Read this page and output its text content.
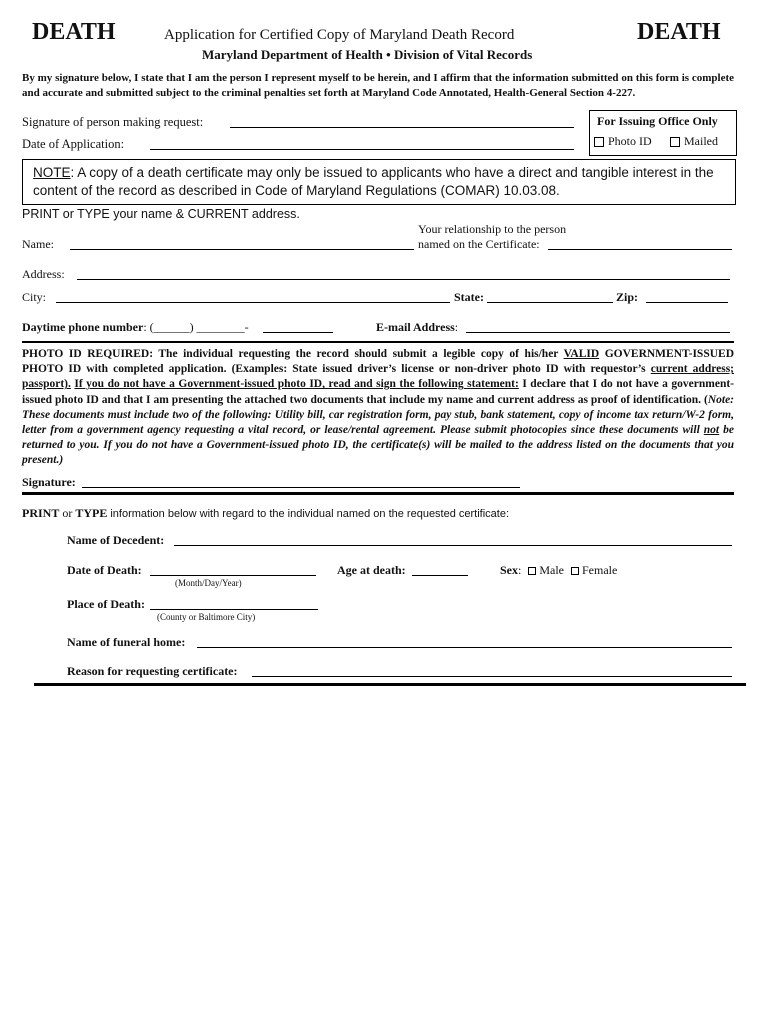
DEATH	DEATH
Application for Certified Copy of Maryland Death Record
Maryland Department of Health • Division of Vital Records
By my signature below, I state that I am the person I represent myself to be herein, and I affirm that the information submitted on this form is complete and accurate and submitted subject to the criminal penalties set forth at Maryland Code Annotated, Health-General Section 4-227.
Signature of person making request:
Date of Application:
For Issuing Office Only
Photo ID	Mailed
NOTE: A copy of a death certificate may only be issued to applicants who have a direct and tangible interest in the content of the record as described in Code of Maryland Regulations (COMAR) 10.03.08.
PRINT or TYPE your name & CURRENT address.
Your relationship to the person
Name:	named on the Certificate:
Address:
City:	State:	Zip:
Daytime phone number: (______) ________-	E-mail Address:
PHOTO ID REQUIRED: The individual requesting the record should submit a legible copy of his/her VALID GOVERNMENT-ISSUED PHOTO ID with completed application. (Examples: State issued driver’s license or non-driver photo ID with requestor’s current address; passport). If you do not have a Government-issued photo ID, read and sign the following statement: I declare that I do not have a government-issued photo ID and that I am presenting the attached two documents that include my name and current address as proof of identification. (Note: These documents must include two of the following: Utility bill, car registration form, pay stub, bank statement, copy of income tax return/W-2 form, letter from a government agency requesting a vital record, or lease/rental agreement. Please submit photocopies since these documents will not be returned to you. If you do not have a Government-issued photo ID, the certificate(s) will be mailed to the address listed on the documents that you present.)
Signature:
PRINT or TYPE information below with regard to the individual named on the requested certificate:
Name of Decedent:
Date of Death:
(Month/Day/Year)
Age at death:	Sex: Male Female
Place of Death:
(County or Baltimore City)
Name of funeral home:
Reason for requesting certificate:
